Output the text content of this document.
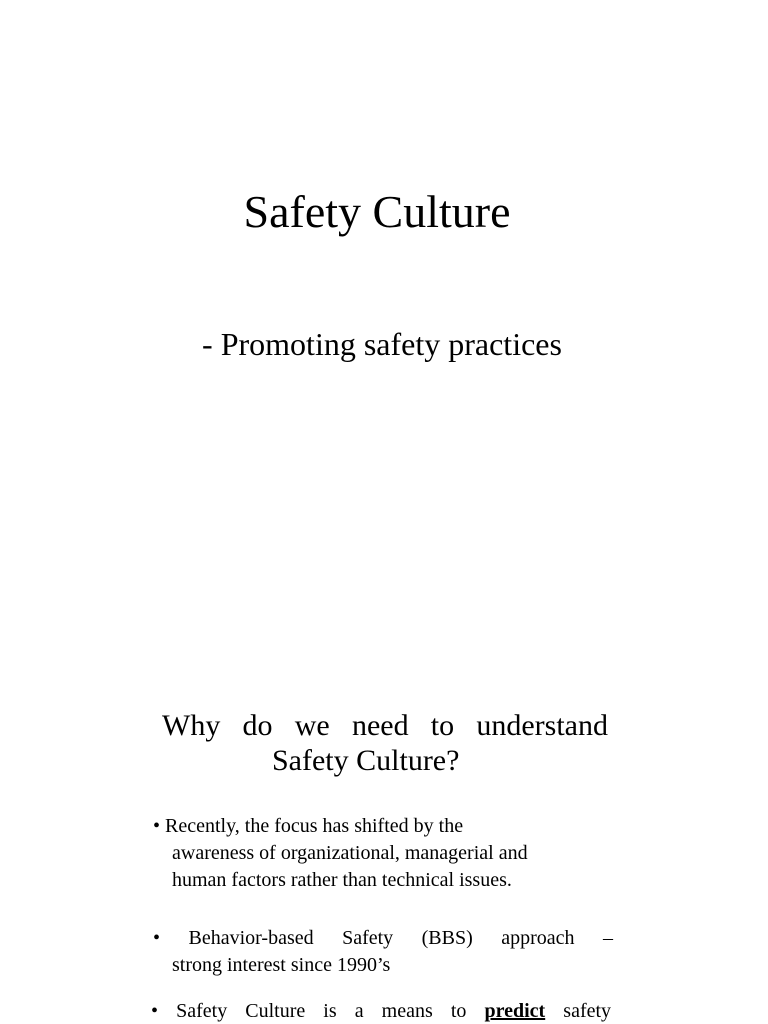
Safety Culture

- Promoting safety practices

Why do we need to understand
Safety Culture?
• Recently, the focus has shifted by the
awareness of organizational, managerial and
human factors rather than technical issues.
• Behavior-based Safety (BBS) approach –
strong interest since 1990’s
• Safety Culture is a means to predict safety
